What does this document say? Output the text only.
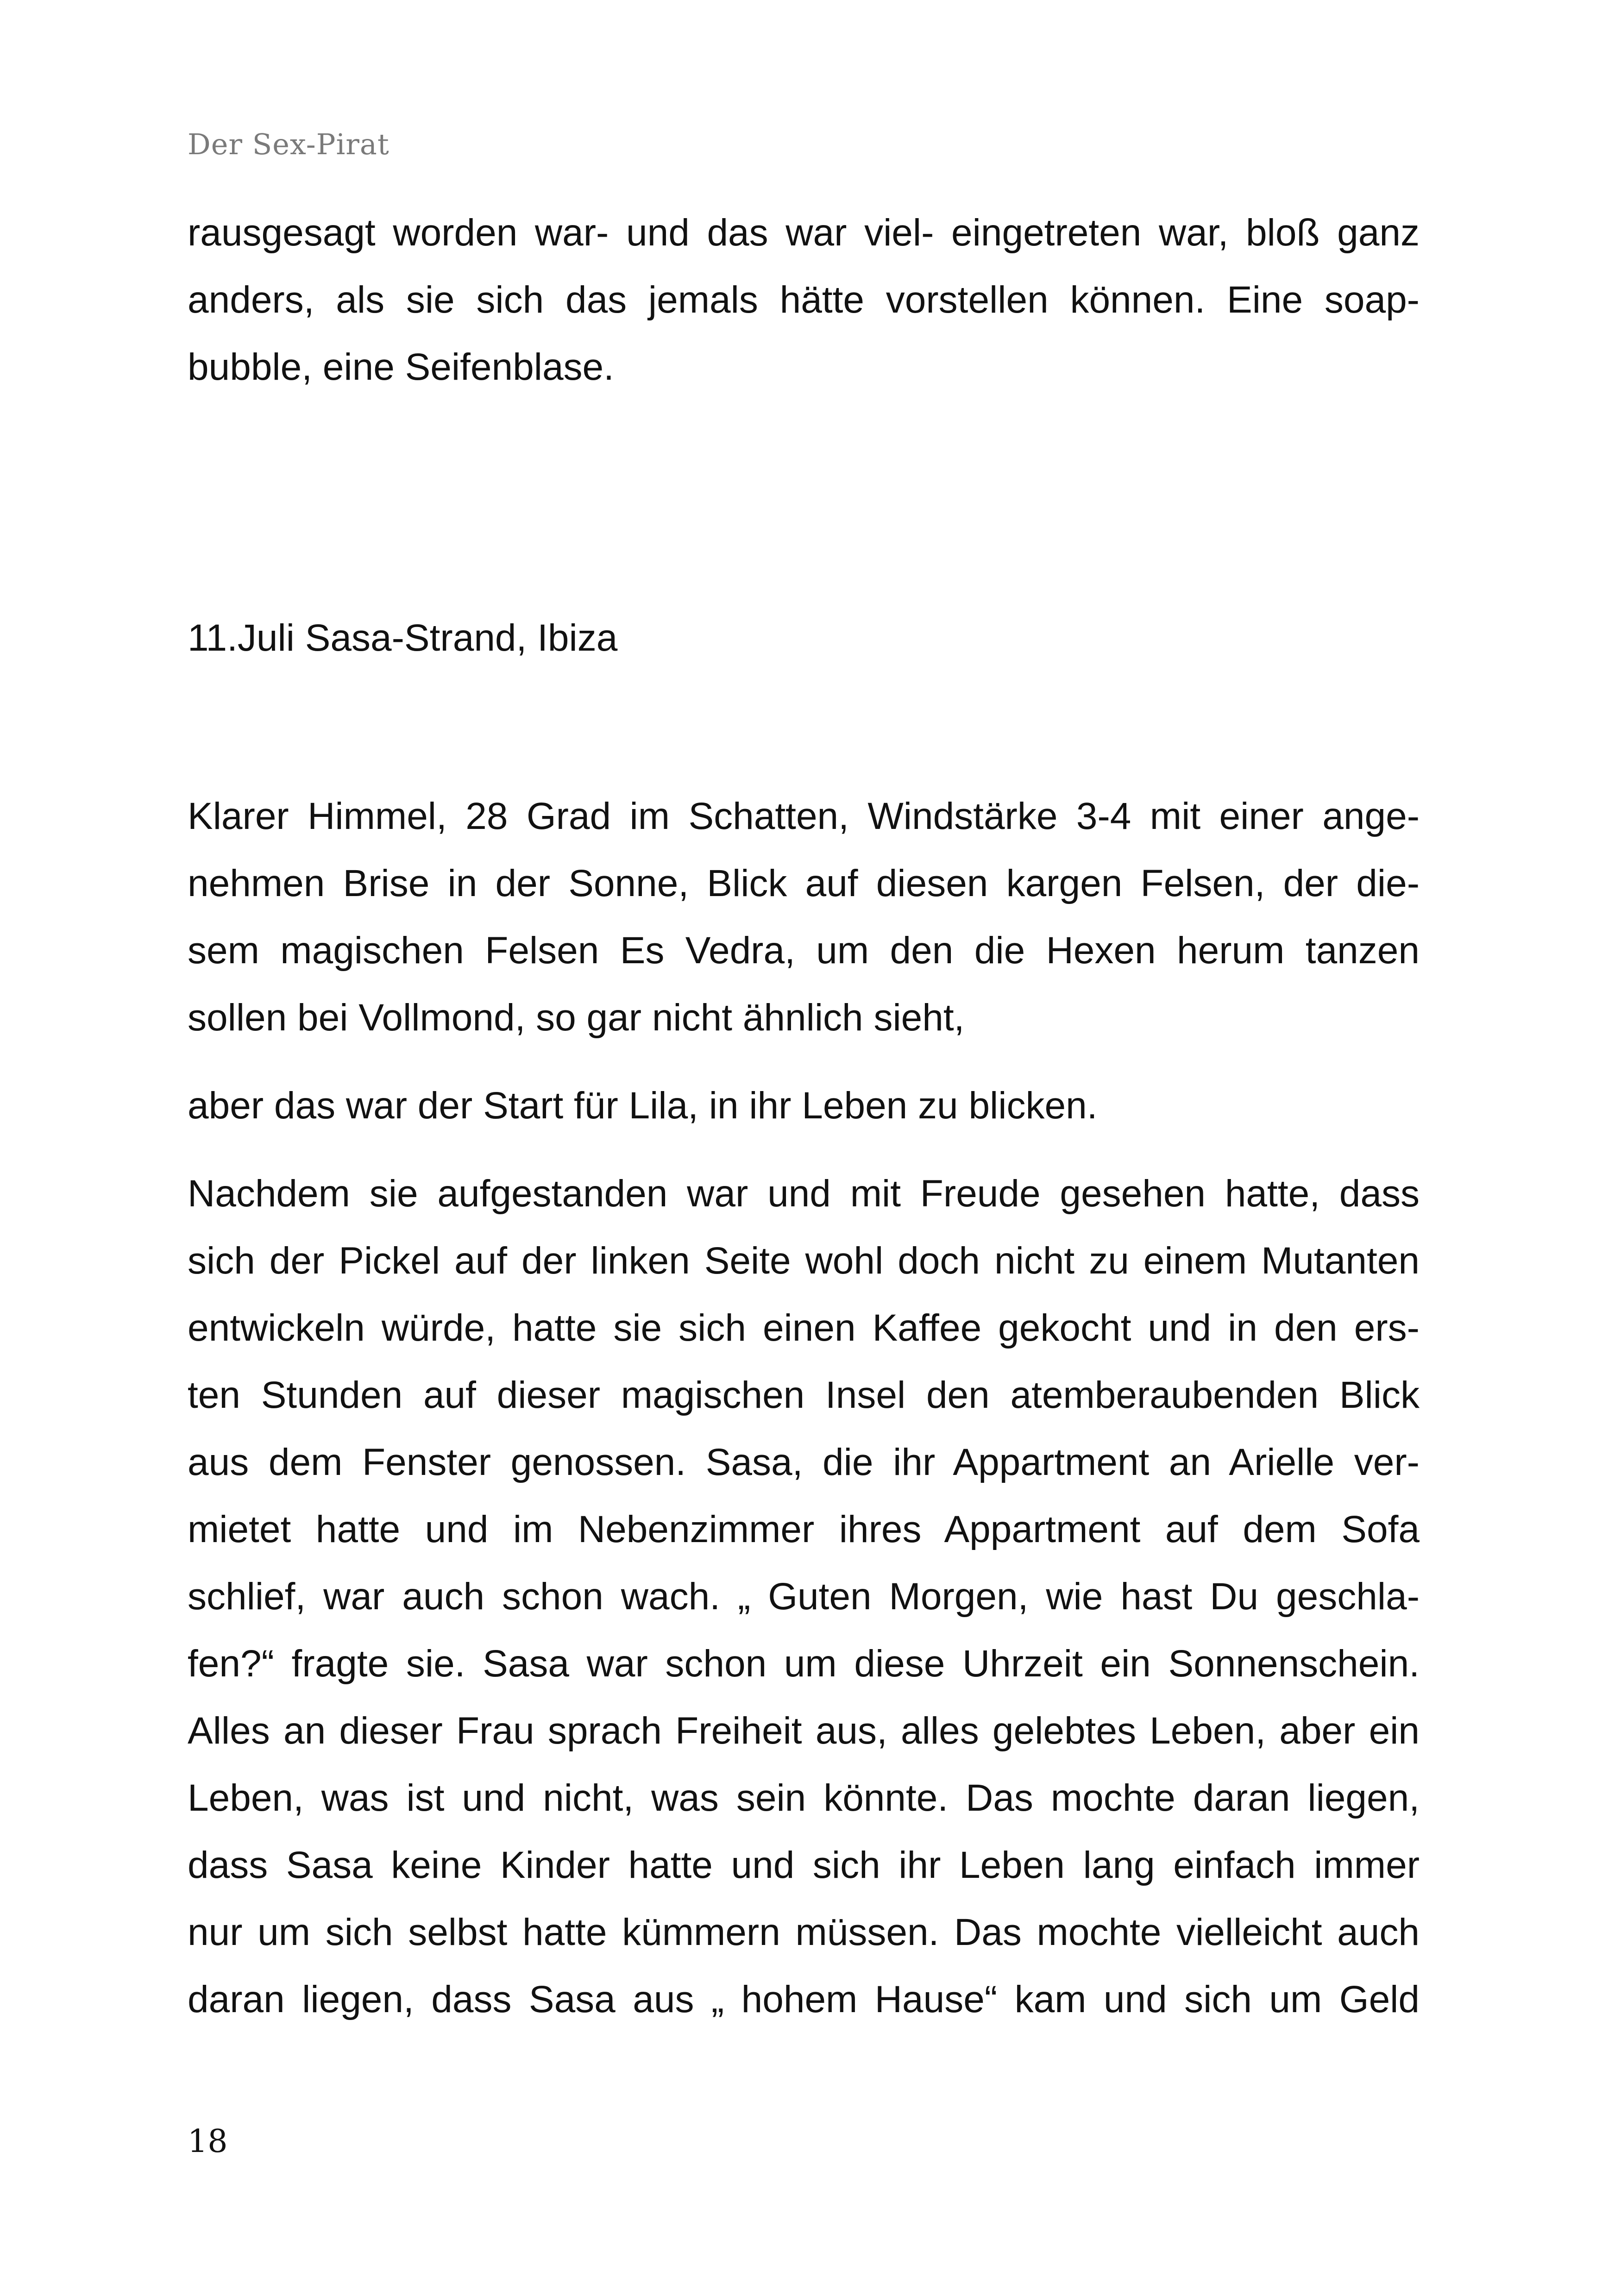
Der Sex-Pirat
rausgesagt worden war- und das war viel- eingetreten war, bloß ganz
anders, als sie sich das jemals hätte vorstellen können. Eine soap-
bubble, eine Seifenblase.
11.Juli Sasa-Strand, Ibiza
Klarer Himmel, 28 Grad im Schatten, Windstärke 3-4 mit einer ange-
nehmen Brise in der Sonne, Blick auf diesen kargen Felsen, der die-
sem magischen Felsen Es Vedra, um den die Hexen herum tanzen
sollen bei Vollmond, so gar nicht ähnlich sieht,
aber das war der Start für Lila, in ihr Leben zu blicken.
Nachdem sie aufgestanden war und mit Freude gesehen hatte, dass
sich der Pickel auf der linken Seite wohl doch nicht zu einem Mutanten
entwickeln würde, hatte sie sich einen Kaffee gekocht und in den ers-
ten Stunden auf dieser magischen Insel den atemberaubenden Blick
aus dem Fenster genossen. Sasa, die ihr Appartment an Arielle ver-
mietet hatte und im Nebenzimmer ihres Appartment auf dem Sofa
schlief, war auch schon wach. „ Guten Morgen, wie hast Du geschla-
fen?“ fragte sie. Sasa war schon um diese Uhrzeit ein Sonnenschein.
Alles an dieser Frau sprach Freiheit aus, alles gelebtes Leben, aber ein
Leben, was ist und nicht, was sein könnte. Das mochte daran liegen,
dass Sasa keine Kinder hatte und sich ihr Leben lang einfach immer
nur um sich selbst hatte kümmern müssen. Das mochte vielleicht auch
daran liegen, dass Sasa aus „ hohem Hause“ kam und sich um Geld
18
